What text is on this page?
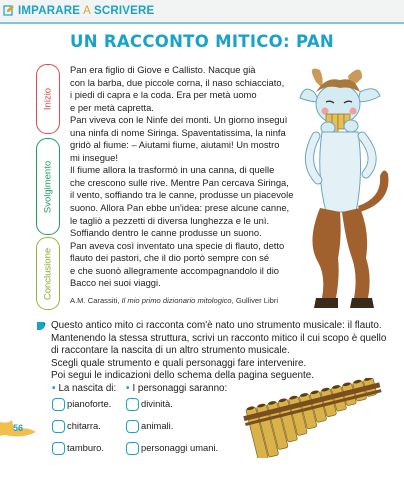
IMPARARE A SCRIVERE
UN RACCONTO MITICO: PAN
Inizio
Svolgimento
Conclusione
Pan era figlio di Giove e Callisto. Nacque già
con la barba, due piccole corna, il naso schiacciato,
i piedi di capra e la coda. Era per metà uomo
e per metà capretta.
Pan viveva con le Ninfe dei monti. Un giorno inseguì
una ninfa di nome Siringa. Spaventatissima, la ninfa
gridò al fiume: – Aiutami fiume, aiutami! Un mostro
mi insegue!
Il fiume allora la trasformò in una canna, di quelle
che crescono sulle rive. Mentre Pan cercava Siringa,
il vento, soffiando tra le canne, produsse un piacevole
suono. Allora Pan ebbe un'idea: prese alcune canne,
le tagliò a pezzetti di diversa lunghezza e le unì.
Soffiando dentro le canne produsse un suono.
Pan aveva così inventato una specie di flauto, detto
flauto dei pastori, che il dio portò sempre con sé
e che suonò allegramente accompagnandolo il dio
Bacco nei suoi viaggi.
A.M. Carassiti, Il mio primo dizionario mitologico, Gulliver Libri
Questo antico mito ci racconta com'è nato uno strumento musicale: il flauto.
Mantenendo la stessa struttura, scrivi un racconto mitico il cui scopo è quello
di raccontare la nascita di un altro strumento musicale.
Scegli quale strumento e quali personaggi fare intervenire.
Poi segui le indicazioni dello schema della pagina seguente.
• La nascita di:
pianoforte.
chitarra.
tamburo.
• I personaggi saranno:
divinità.
animali.
personaggi umani.
56
